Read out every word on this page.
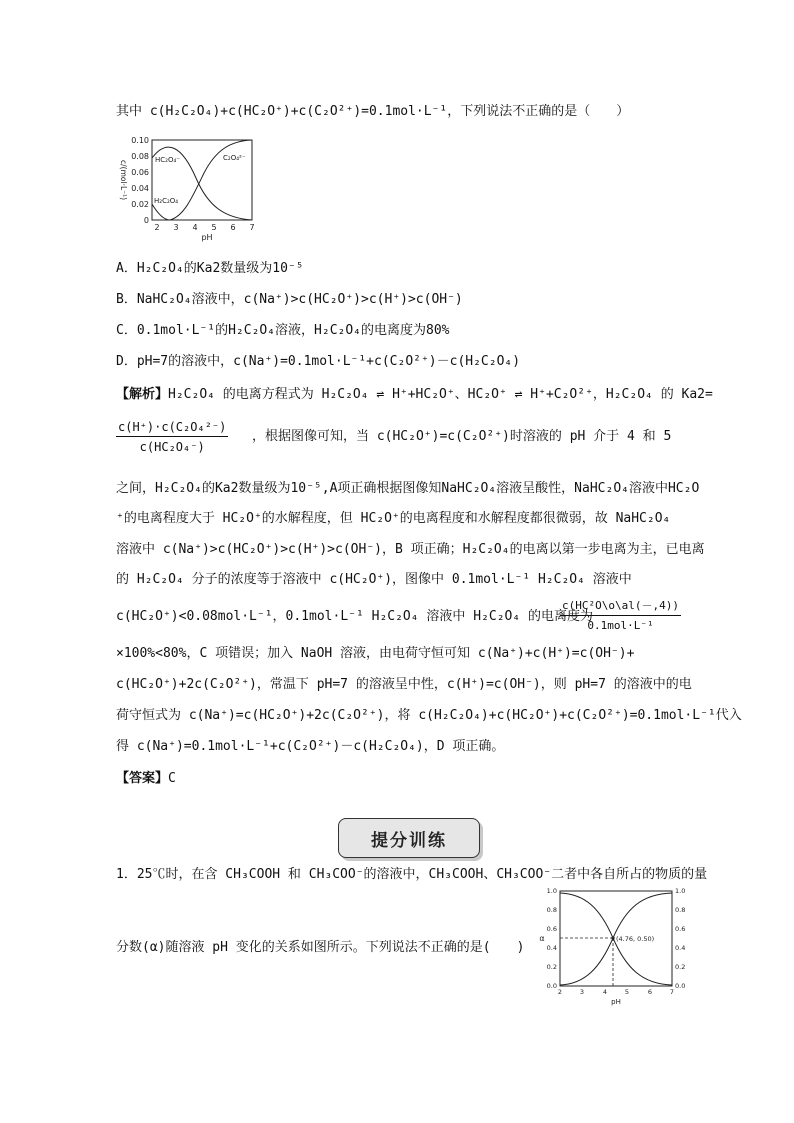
其中 c(H₂C₂O₄)+c(HC₂O⁺)+c(C₂O²⁺)=0.1mol·L⁻¹，下列说法不正确的是（　　）
0.10
0.08
0.06
0.04
0.02
0
2 3 4 5 6 7
pH
c/(mol·L⁻¹)	HC₂O₄⁻	C₂O₄²⁻
H₂C₂O₄
A．H₂C₂O₄的Ka2数量级为10⁻⁵
B．NaHC₂O₄溶液中，c(Na⁺)>c(HC₂O⁺)>c(H⁺)>c(OH⁻)
C．0.1mol·L⁻¹的H₂C₂O₄溶液，H₂C₂O₄的电离度为80%
D．pH=7的溶液中，c(Na⁺)=0.1mol·L⁻¹+c(C₂O²⁺)－c(H₂C₂O₄)
【解析】H₂C₂O₄ 的电离方程式为 H₂C₂O₄ ⇌ H⁺+HC₂O⁺、HC₂O⁺ ⇌ H⁺+C₂O²⁺，H₂C₂O₄ 的 Ka2=
$\frac{\text{c(H⁺)·c(C₂O₄²⁻)}}{\text{c(HC₂O₄⁻)}}$ ，根据图像可知，当 c(HC₂O⁺)=c(C₂O²⁺)时溶液的 pH 介于 4 和 5
之间，H₂C₂O₄的Ka2数量级为10⁻⁵,A项正确根据图像知NaHC₂O₄溶液呈酸性，NaHC₂O₄溶液中HC₂O
⁺的电离程度大于 HC₂O⁺的水解程度，但 HC₂O⁺的电离程度和水解程度都很微弱，故 NaHC₂O₄
溶液中 c(Na⁺)>c(HC₂O⁺)>c(H⁺)>c(OH⁻)，B 项正确；H₂C₂O₄的电离以第一步电离为主，已电离
的 H₂C₂O₄ 分子的浓度等于溶液中 c(HC₂O⁺)，图像中 0.1mol·L⁻¹ H₂C₂O₄ 溶液中
c(HC₂O⁺)<0.08mol·L⁻¹，0.1mol·L⁻¹ H₂C₂O₄ 溶液中 H₂C₂O₄ 的电离度为
c(HC²O\o\al(－,4))
0.1mol·L⁻¹
×100%<80%，C 项错误；加入 NaOH 溶液，由电荷守恒可知 c(Na⁺)+c(H⁺)=c(OH⁻)+
c(HC₂O⁺)+2c(C₂O²⁺)，常温下 pH=7 的溶液呈中性，c(H⁺)=c(OH⁻)，则 pH=7 的溶液中的电
荷守恒式为 c(Na⁺)=c(HC₂O⁺)+2c(C₂O²⁺)，将 c(H₂C₂O₄)+c(HC₂O⁺)+c(C₂O²⁺)=0.1mol·L⁻¹代入
得 c(Na⁺)=0.1mol·L⁻¹+c(C₂O²⁺)－c(H₂C₂O₄)，D 项正确。
【答案】C
提分训练
1．25℃时，在含 CH₃COOH 和 CH₃COO⁻的溶液中，CH₃COOH、CH₃COO⁻二者中各自所占的物质的量
分数(α)随溶液 pH 变化的关系如图所示。下列说法不正确的是(　　)
1.0
0.8
0.6
0.4
0.2
0.0
1.0
0.8
0.6
0.4
0.2
0.0
2	3	4	5	6	7
pH
α	(4.76, 0.50)
